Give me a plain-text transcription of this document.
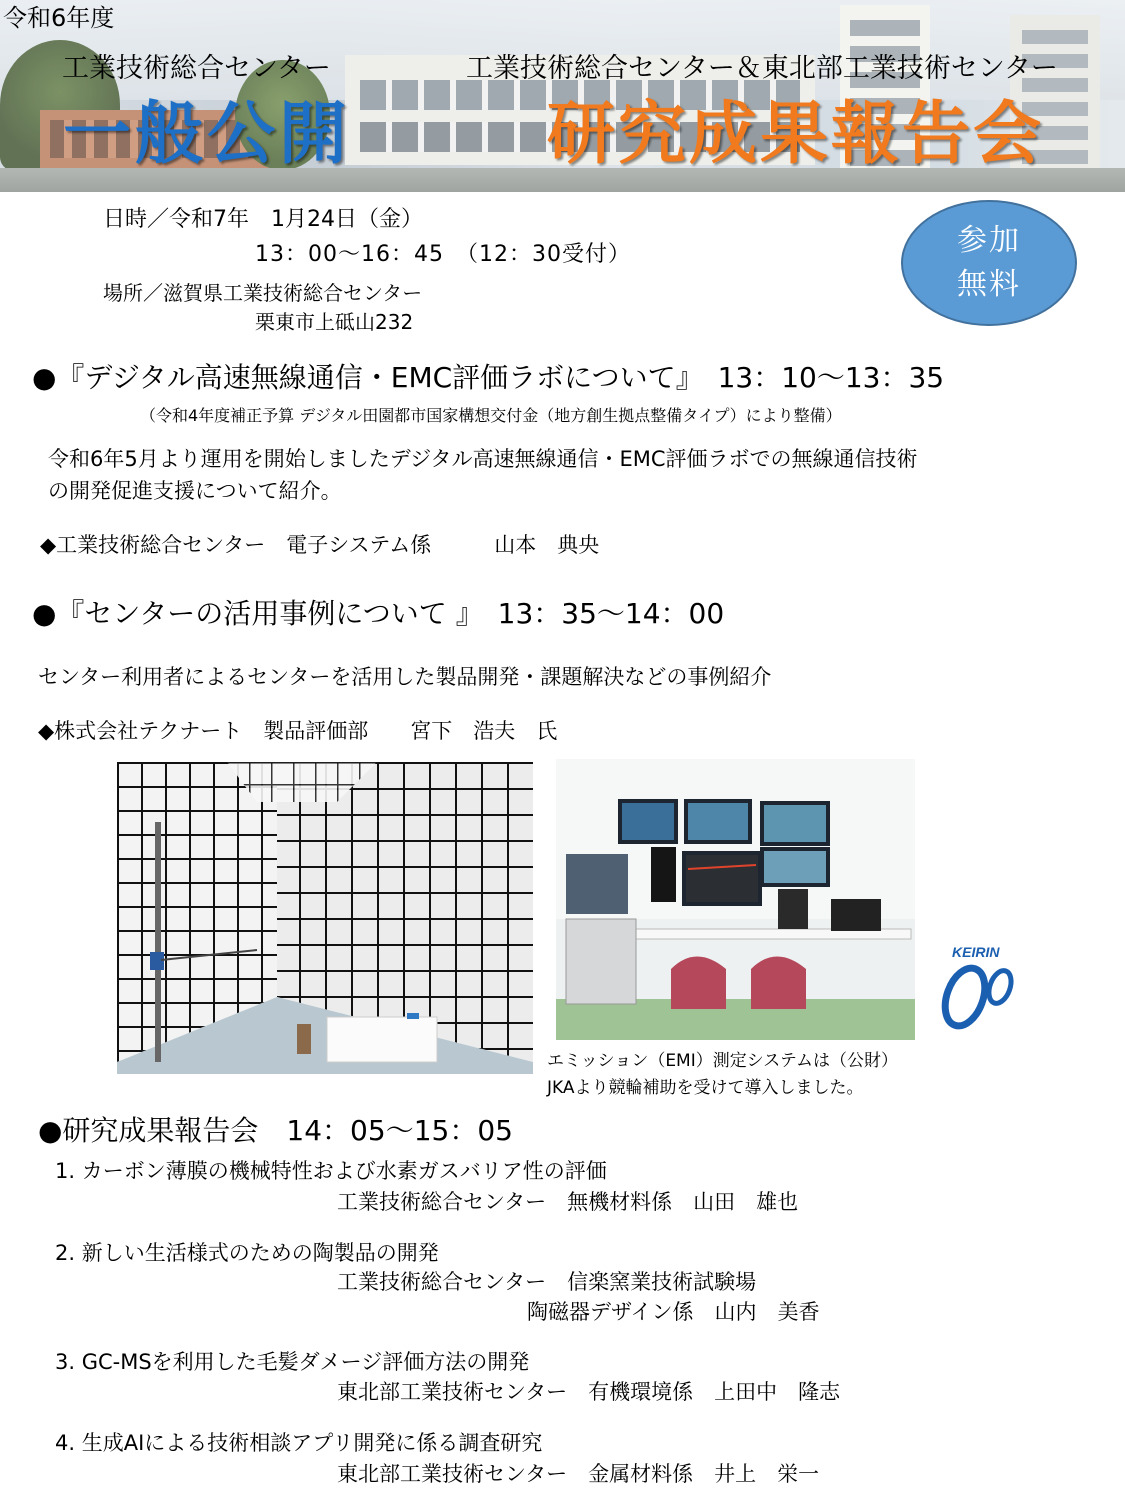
令和6年度
工業技術総合センター	工業技術総合センター＆東北部工業技術センター
一般公開	研究成果報告会
日時／令和7年　1月24日（金）
13：00〜16：45　（12：30受付）
場所／滋賀県工業技術総合センター
栗東市上砥山232
参加
無料
●『デジタル高速無線通信・EMC評価ラボについて』　13：10〜13：35
（令和4年度補正予算 デジタル田園都市国家構想交付金（地方創生拠点整備タイプ）により整備）
令和6年5月より運用を開始しましたデジタル高速無線通信・EMC評価ラボでの無線通信技術
の開発促進支援について紹介。
◆工業技術総合センター　電子システム係　　　山本　典央
●『センターの活用事例について 』　13：35〜14：00
センター利用者によるセンターを活用した製品開発・課題解決などの事例紹介
◆株式会社テクナート　製品評価部　　宮下　浩夫　氏
KEIRIN
エミッション（EMI）測定システムは（公財）
JKAより競輪補助を受けて導入しました。
●研究成果報告会　14：05〜15：05
1. カーボン薄膜の機械特性および水素ガスバリア性の評価
工業技術総合センター　無機材料係　山田　雄也
2. 新しい生活様式のための陶製品の開発
工業技術総合センター　信楽窯業技術試験場
陶磁器デザイン係　山内　美香
3. GC-MSを利用した毛髪ダメージ評価方法の開発
東北部工業技術センター　有機環境係　上田中　隆志
4. 生成AIによる技術相談アプリ開発に係る調査研究
東北部工業技術センター　金属材料係　井上　栄一
